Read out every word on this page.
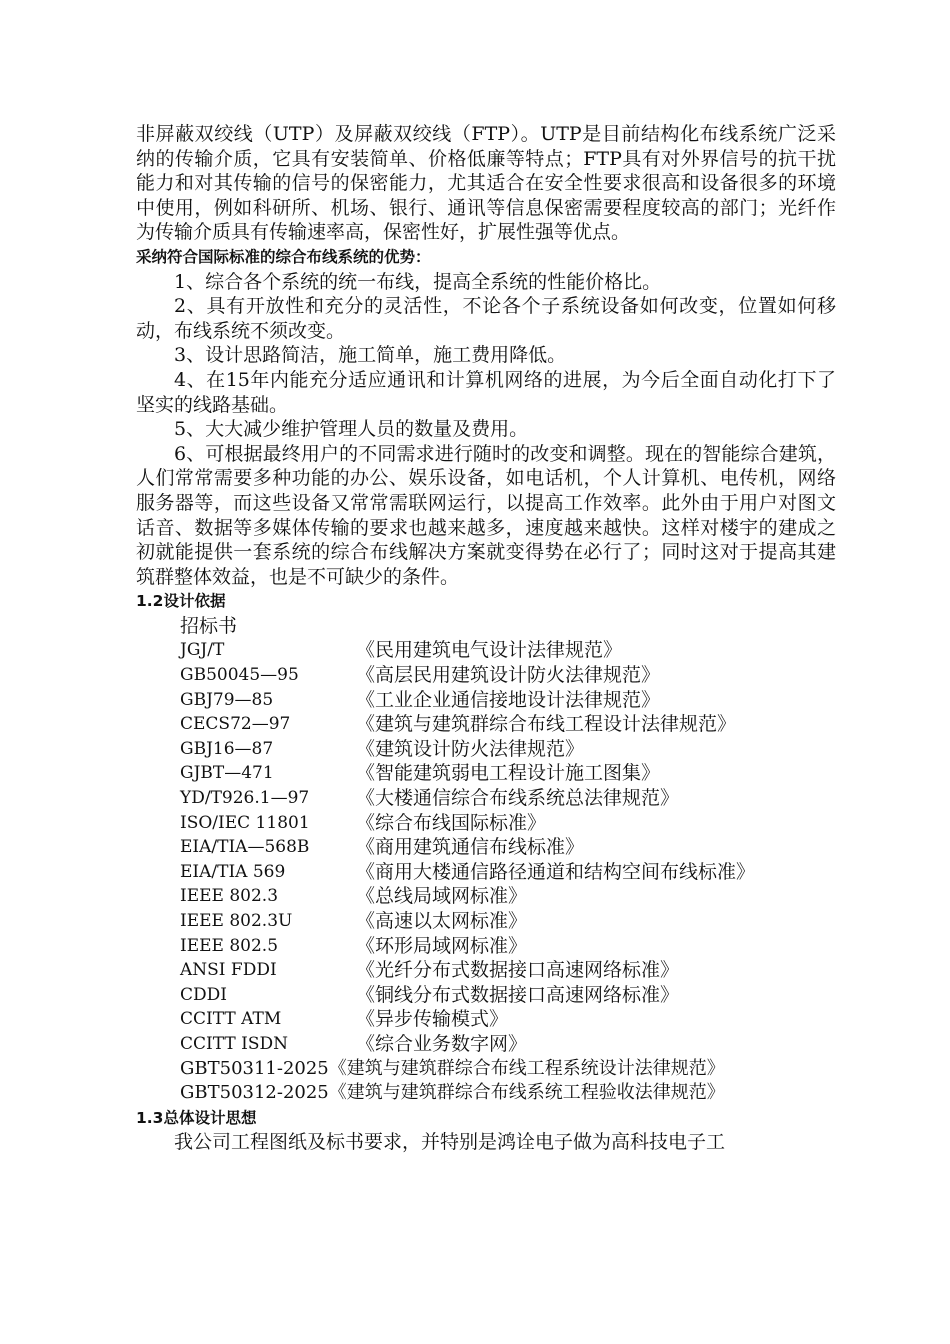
非屏蔽双绞线（UTP）及屏蔽双绞线（FTP）。UTP是目前结构化布线系统广泛采纳的传输介质，它具有安装简单、价格低廉等特点；FTP具有对外界信号的抗干扰能力和对其传输的信号的保密能力，尤其适合在安全性要求很高和设备很多的环境中使用，例如科研所、机场、银行、通讯等信息保密需要程度较高的部门；光纤作为传输介质具有传输速率高，保密性好，扩展性强等优点。

采纳符合国际标准的综合布线系统的优势：

1、综合各个系统的统一布线，提高全系统的性能价格比。

2、具有开放性和充分的灵活性，不论各个子系统设备如何改变，位置如何移动，布线系统不须改变。

3、设计思路简洁，施工简单，施工费用降低。

4、在15年内能充分适应通讯和计算机网络的进展，为今后全面自动化打下了坚实的线路基础。

5、大大减少维护管理人员的数量及费用。

6、可根据最终用户的不同需求进行随时的改变和调整。现在的智能综合建筑，人们常常需要多种功能的办公、娱乐设备，如电话机，个人计算机、电传机，网络服务器等，而这些设备又常常需联网运行，以提高工作效率。此外由于用户对图文话音、数据等多媒体传输的要求也越来越多，速度越来越快。这样对楼宇的建成之初就能提供一套系统的综合布线解决方案就变得势在必行了；同时这对于提高其建筑群整体效益，也是不可缺少的条件。

1.2设计依据

招标书
JGJ/T	《民用建筑电气设计法律规范》
GB50045—95	《高层民用建筑设计防火法律规范》
GBJ79—85	《工业企业通信接地设计法律规范》
CECS72—97	《建筑与建筑群综合布线工程设计法律规范》
GBJ16—87	《建筑设计防火法律规范》
GJBT—471	《智能建筑弱电工程设计施工图集》
YD/T926.1—97	《大楼通信综合布线系统总法律规范》
ISO/IEC 11801	《综合布线国际标准》
EIA/TIA—568B	《商用建筑通信布线标准》
EIA/TIA 569	《商用大楼通信路径通道和结构空间布线标准》
IEEE 802.3	《总线局域网标准》
IEEE 802.3U	《高速以太网标准》
IEEE 802.5	《环形局域网标准》
ANSI FDDI	《光纤分布式数据接口高速网络标准》
CDDI	《铜线分布式数据接口高速网络标准》
CCITT ATM	《异步传输模式》
CCITT ISDN	《综合业务数字网》
GBT50311-2025《建筑与建筑群综合布线工程系统设计法律规范》
GBT50312-2025《建筑与建筑群综合布线系统工程验收法律规范》

1.3总体设计思想

我公司工程图纸及标书要求，并特别是鸿诠电子做为高科技电子工
